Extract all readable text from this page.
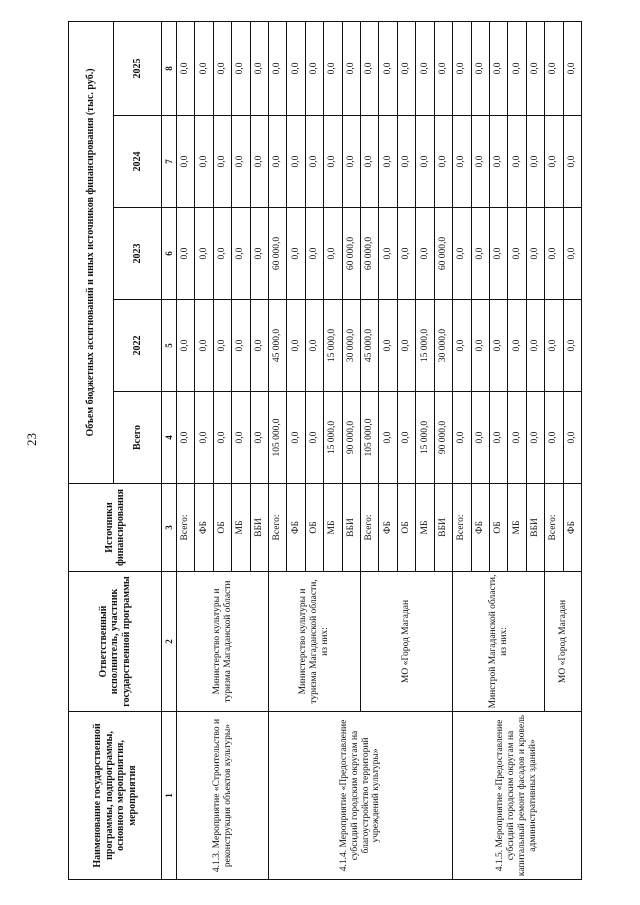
23
Наименование государственной программы, подпрограммы, основного мероприятия, мероприятия	Ответственный исполнитель, участник государственной программы	Источники финансирования	Объем бюджетных ассигнований и иных источников финансирования (тыс. руб.)				
			Всего	2022	2023	2024	2025
1	2	3	4	5	6	7	8
4.1.3. Мероприятие «Строительство и реконструкция объектов культуры»	Министерство культуры и туризма Магаданской области	Всего:	0,0	0,0	0,0	0,0	0,0
		ФБ	0,0	0,0	0,0	0,0	0,0
		ОБ	0,0	0,0	0,0	0,0	0,0
		МБ	0,0	0,0	0,0	0,0	0,0
		ВБИ	0,0	0,0	0,0	0,0	0,0
4.1.4. Мероприятие «Предоставление субсидий городским округам на благоустройство территорий учреждений культуры»	Министерство культуры и туризма Магаданской области, из них:	Всего:	105 000,0	45 000,0	60 000,0	0,0	0,0
		ФБ	0,0	0,0	0,0	0,0	0,0
		ОБ	0,0	0,0	0,0	0,0	0,0
		МБ	15 000,0	15 000,0	0,0	0,0	0,0
		ВБИ	90 000,0	30 000,0	60 000,0	0,0	0,0
	МО «Город Магадан	Всего:	105 000,0	45 000,0	60 000,0	0,0	0,0
		ФБ	0,0	0,0	0,0	0,0	0,0
		ОБ	0,0	0,0	0,0	0,0	0,0
		МБ	15 000,0	15 000,0	0,0	0,0	0,0
		ВБИ	90 000,0	30 000,0	60 000,0	0,0	0,0
4.1.5. Мероприятие «Предоставление субсидий городским округам на капитальный ремонт фасадов и кровель административных зданий»	Минстрой Магаданской области, из них:	Всего:	0,0	0,0	0,0	0,0	0,0
		ФБ	0,0	0,0	0,0	0,0	0,0
		ОБ	0,0	0,0	0,0	0,0	0,0
		МБ	0,0	0,0	0,0	0,0	0,0
		ВБИ	0,0	0,0	0,0	0,0	0,0
	МО «Город Магадан	Всего:	0,0	0,0	0,0	0,0	0,0
		ФБ	0,0	0,0	0,0	0,0	0,0
